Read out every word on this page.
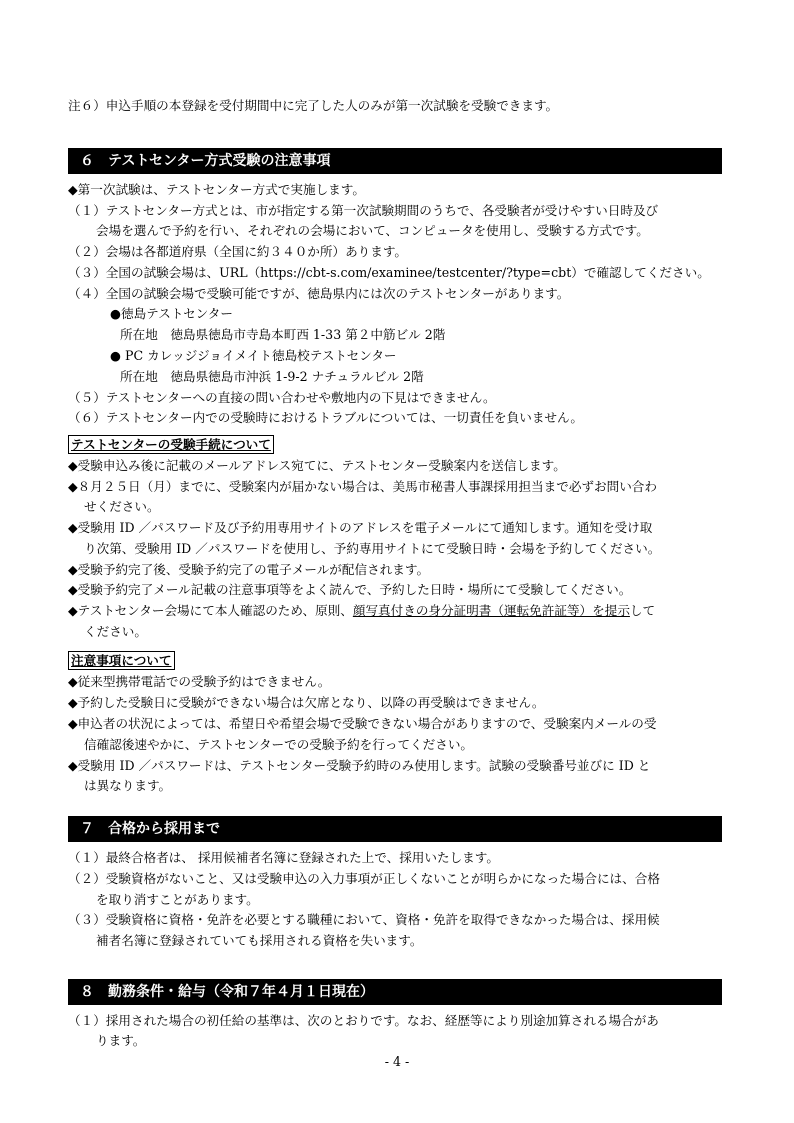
注６）申込手順の本登録を受付期間中に完了した人のみが第一次試験を受験できます。
６　テストセンター方式受験の注意事項
◆第一次試験は、テストセンター方式で実施します。
（１）テストセンター方式とは、市が指定する第一次試験期間のうちで、各受験者が受けやすい日時及び
会場を選んで予約を行い、それぞれの会場において、コンピュータを使用し、受験する方式です。
（２）会場は各都道府県（全国に約３４０か所）あります。
（３）全国の試験会場は、URL（https://cbt-s.com/examinee/testcenter/?type=cbt）で確認してください。
（４）全国の試験会場で受験可能ですが、徳島県内には次のテストセンターがあります。
●徳島テストセンター
所在地　徳島県徳島市寺島本町西 1-33 第２中筋ビル 2階
● PC カレッジジョイメイト徳島校テストセンター
所在地　徳島県徳島市沖浜 1-9-2 ナチュラルビル 2階
（５）テストセンターへの直接の問い合わせや敷地内の下見はできません。
（６）テストセンター内での受験時におけるトラブルについては、一切責任を負いません。
テストセンターの受験手続について
◆受験申込み後に記載のメールアドレス宛てに、テストセンター受験案内を送信します。
◆８月２５日（月）までに、受験案内が届かない場合は、美馬市秘書人事課採用担当まで必ずお問い合わ
せください。
◆受験用 ID ／パスワード及び予約用専用サイトのアドレスを電子メールにて通知します。通知を受け取
り次第、受験用 ID ／パスワードを使用し、予約専用サイトにて受験日時・会場を予約してください。
◆受験予約完了後、受験予約完了の電子メールが配信されます。
◆受験予約完了メール記載の注意事項等をよく読んで、予約した日時・場所にて受験してください。
◆テストセンター会場にて本人確認のため、原則、顔写真付きの身分証明書（運転免許証等）を提示して
ください。
注意事項について
◆従来型携帯電話での受験予約はできません。
◆予約した受験日に受験ができない場合は欠席となり、以降の再受験はできません。
◆申込者の状況によっては、希望日や希望会場で受験できない場合がありますので、受験案内メールの受
信確認後速やかに、テストセンターでの受験予約を行ってください。
◆受験用 ID ／パスワードは、テストセンター受験予約時のみ使用します。試験の受験番号並びに ID と
は異なります。
７　合格から採用まで
（１）最終合格者は、 採用候補者名簿に登録された上で、採用いたします。
（２）受験資格がないこと、又は受験申込の入力事項が正しくないことが明らかになった場合には、合格
を取り消すことがあります。
（３）受験資格に資格・免許を必要とする職種において、資格・免許を取得できなかった場合は、採用候
補者名簿に登録されていても採用される資格を失います。
８　勤務条件・給与（令和７年４月１日現在）
（１）採用された場合の初任給の基準は、次のとおりです。なお、経歴等により別途加算される場合があ
ります。
- 4 -
